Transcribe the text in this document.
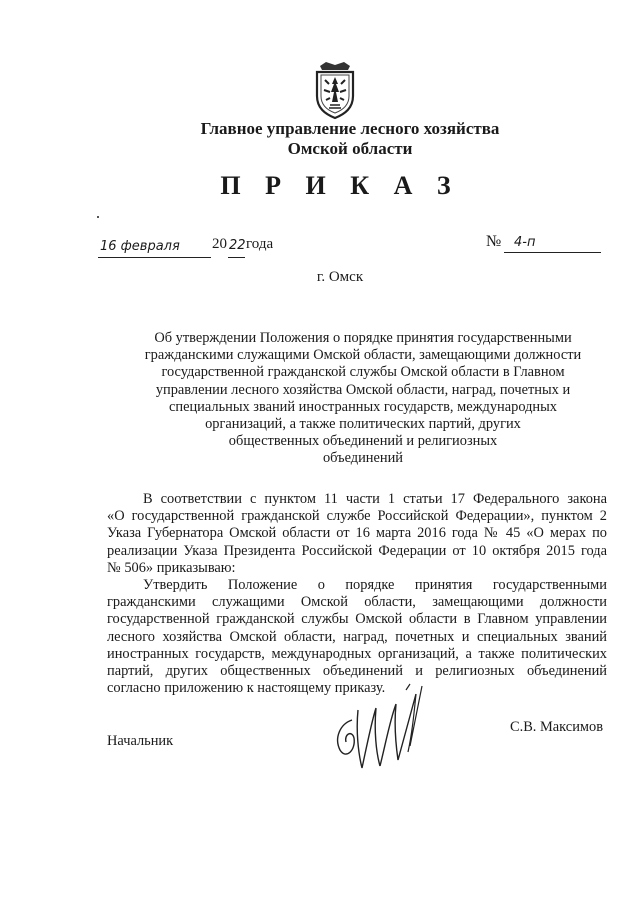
Главное управление лесного хозяйства
Омской области
П Р И К А З
16 февраля 20 22 года	№ 4-п
г. Омск
Об утверждении Положения о порядке принятия государственными
гражданскими служащими Омской области, замещающими должности
государственной гражданской службы Омской области в Главном
управлении лесного хозяйства Омской области, наград, почетных и
специальных званий иностранных государств, международных
организаций, а также политических партий, других
общественных объединений и религиозных
объединений
В соответствии с пунктом 11 части 1 статьи 17 Федерального закона
«О государственной гражданской службе Российской Федерации», пунктом 2
Указа Губернатора Омской области от 16 марта 2016 года № 45 «О мерах по
реализации Указа Президента Российской Федерации от 10 октября 2015 года
№ 506» приказываю:
Утвердить Положение о порядке принятия государственными
гражданскими служащими Омской области, замещающими должности
государственной гражданской службы Омской области в Главном управлении
лесного хозяйства Омской области, наград, почетных и специальных званий
иностранных государств, международных организаций, а также политических
партий, других общественных объединений и религиозных объединений
согласно приложению к настоящему приказу.
Начальник
С.В. Максимов
